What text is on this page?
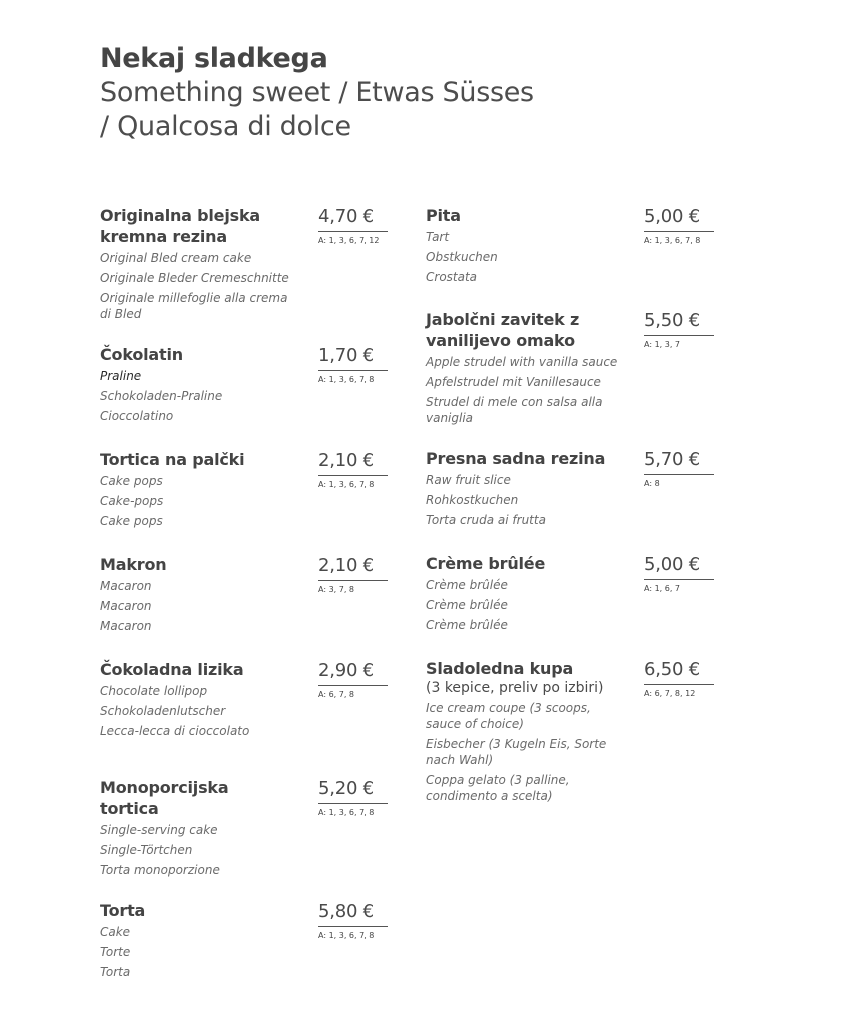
Nekaj sladkega
Something sweet / Etwas Süsses
/ Qualcosa di dolce
Originalna blejska
kremna rezina
Original Bled cream cake
Originale Bleder Cremeschnitte
Originale millefoglie alla crema di Bled
4,70 €
A: 1, 3, 6, 7, 12
Čokolatin
Praline
Schokoladen-Praline
Cioccolatino
1,70 €
A: 1, 3, 6, 7, 8
Tortica na palčki
Cake pops
Cake-pops
Cake pops
2,10 €
A: 1, 3, 6, 7, 8
Makron
Macaron
Macaron
Macaron
2,10 €
A: 3, 7, 8
Čokoladna lizika
Chocolate lollipop
Schokoladenlutscher
Lecca-lecca di cioccolato
2,90 €
A: 6, 7, 8
Monoporcijska
tortica
Single-serving cake
Single-Törtchen
Torta monoporzione
5,20 €
A: 1, 3, 6, 7, 8
Torta
Cake
Torte
Torta
5,80 €
A: 1, 3, 6, 7, 8
Pita
Tart
Obstkuchen
Crostata
5,00 €
A: 1, 3, 6, 7, 8
Jabolčni zavitek z
vanilijevo omako
Apple strudel with vanilla sauce
Apfelstrudel mit Vanillesauce
Strudel di mele con salsa alla vaniglia
5,50 €
A: 1, 3, 7
Presna sadna rezina
Raw fruit slice
Rohkostkuchen
Torta cruda ai frutta
5,70 €
A: 8
Crème brûlée
Crème brûlée
Crème brûlée
Crème brûlée
5,00 €
A: 1, 6, 7
Sladoledna kupa
(3 kepice, preliv po izbiri)
Ice cream coupe (3 scoops, sauce of choice)
Eisbecher (3 Kugeln Eis, Sorte nach Wahl)
Coppa gelato (3 palline, condimento a scelta)
6,50 €
A: 6, 7, 8, 12
